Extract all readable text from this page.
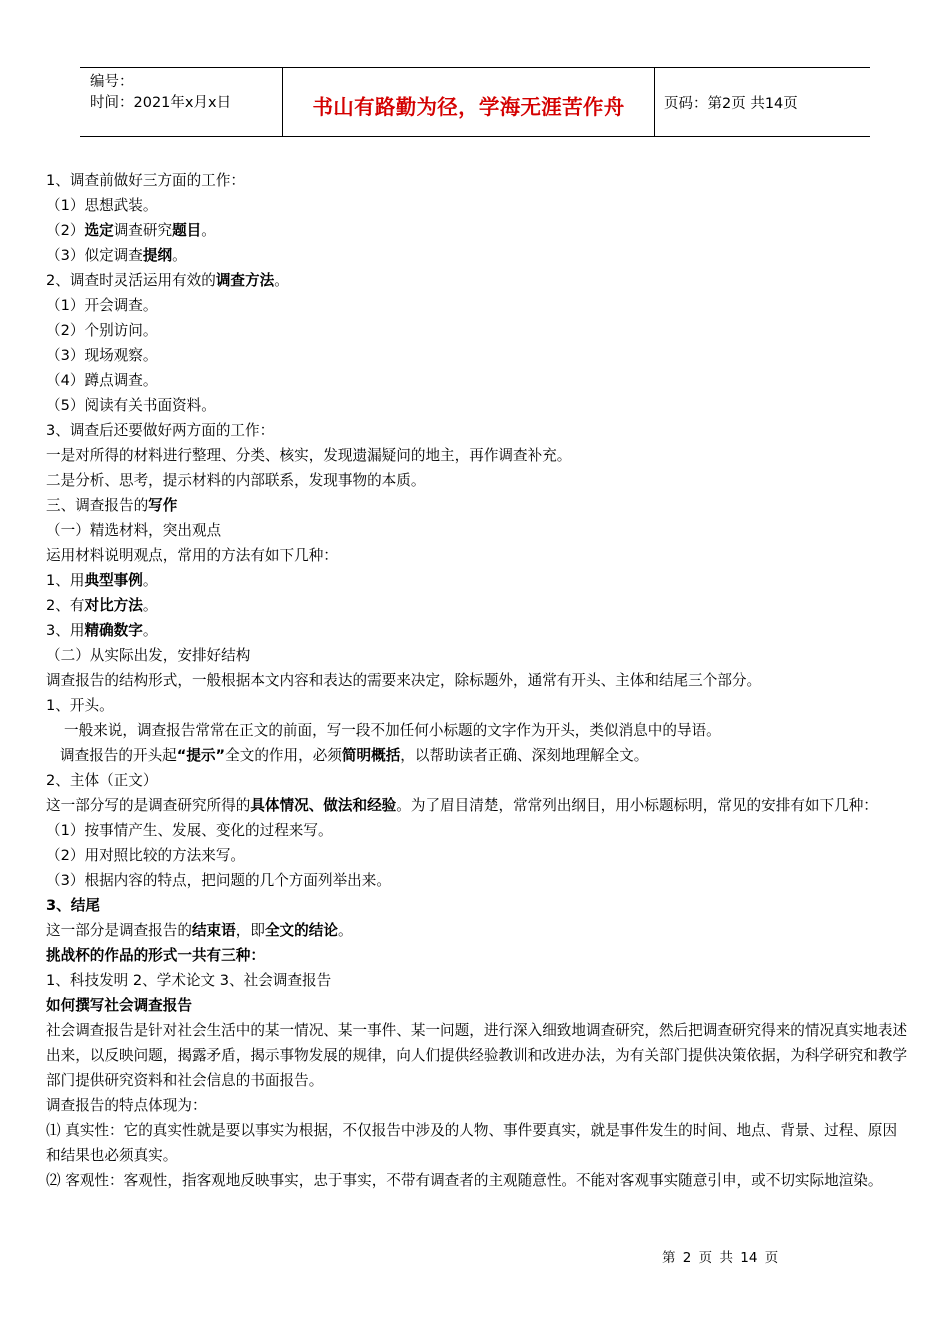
编号：
时间：2021年x月x日	书山有路勤为径，学海无涯苦作舟	页码：第2页 共14页
1、调查前做好三方面的工作：
（1）思想武装。
（2）选定调查研究题目。
（3）似定调查提纲。
2、调查时灵活运用有效的调查方法。
（1）开会调查。
（2）个别访问。
（3）现场观察。
（4）蹲点调查。
（5）阅读有关书面资料。
3、调查后还要做好两方面的工作：
一是对所得的材料进行整理、分类、核实，发现遗漏疑问的地主，再作调查补充。
二是分析、思考，提示材料的内部联系，发现事物的本质。
三、调查报告的写作
（一）精选材料，突出观点
运用材料说明观点，常用的方法有如下几种：
1、用典型事例。
2、有对比方法。
3、用精确数字。
（二）从实际出发，安排好结构
调查报告的结构形式，一般根据本文内容和表达的需要来决定，除标题外，通常有开头、主体和结尾三个部分。
1、开头。
一般来说，调查报告常常在正文的前面，写一段不加任何小标题的文字作为开头，类似消息中的导语。
调查报告的开头起“提示”全文的作用，必须简明概括，以帮助读者正确、深刻地理解全文。
2、主体（正文）
这一部分写的是调查研究所得的具体情况、做法和经验。为了眉目清楚，常常列出纲目，用小标题标明，常见的安排有如下几种：
（1）按事情产生、发展、变化的过程来写。
（2）用对照比较的方法来写。
（3）根据内容的特点，把问题的几个方面列举出来。
3、结尾
这一部分是调查报告的结束语，即全文的结论。
挑战杯的作品的形式一共有三种：
1、科技发明 2、学术论文 3、社会调查报告
如何撰写社会调查报告
社会调查报告是针对社会生活中的某一情况、某一事件、某一问题，进行深入细致地调查研究，然后把调查研究得来的情况真实地表述出来，以反映问题，揭露矛盾，揭示事物发展的规律，向人们提供经验教训和改进办法，为有关部门提供决策依据，为科学研究和教学部门提供研究资料和社会信息的书面报告。
调查报告的特点体现为：
⑴ 真实性：它的真实性就是要以事实为根据，不仅报告中涉及的人物、事件要真实，就是事件发生的时间、地点、背景、过程、原因和结果也必须真实。
⑵ 客观性：客观性，指客观地反映事实，忠于事实，不带有调查者的主观随意性。不能对客观事实随意引申，或不切实际地渲染。
第 2 页 共 14 页
